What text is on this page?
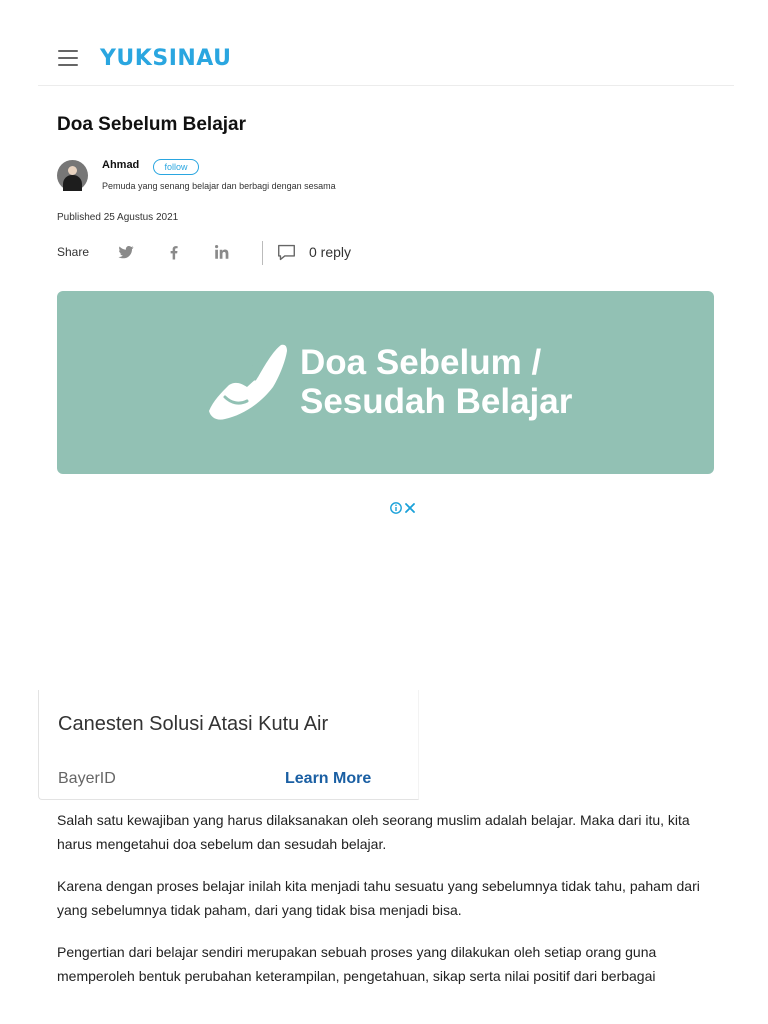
YUKSINAU
Doa Sebelum Belajar
Ahmad	follow
Pemuda yang senang belajar dan berbagi dengan sesama
Published 25 Agustus 2021
Share	0 reply
Doa Sebelum /
Sesudah Belajar
Canesten Solusi Atasi Kutu Air
BayerID	Learn More

Salah satu kewajiban yang harus dilaksanakan oleh seorang muslim adalah belajar. Maka dari itu, kita harus mengetahui doa sebelum dan sesudah belajar.

Karena dengan proses belajar inilah kita menjadi tahu sesuatu yang sebelumnya tidak tahu, paham dari yang sebelumnya tidak paham, dari yang tidak bisa menjadi bisa.

Pengertian dari belajar sendiri merupakan sebuah proses yang dilakukan oleh setiap orang guna memperoleh bentuk perubahan keterampilan, pengetahuan, sikap serta nilai positif dari berbagai
